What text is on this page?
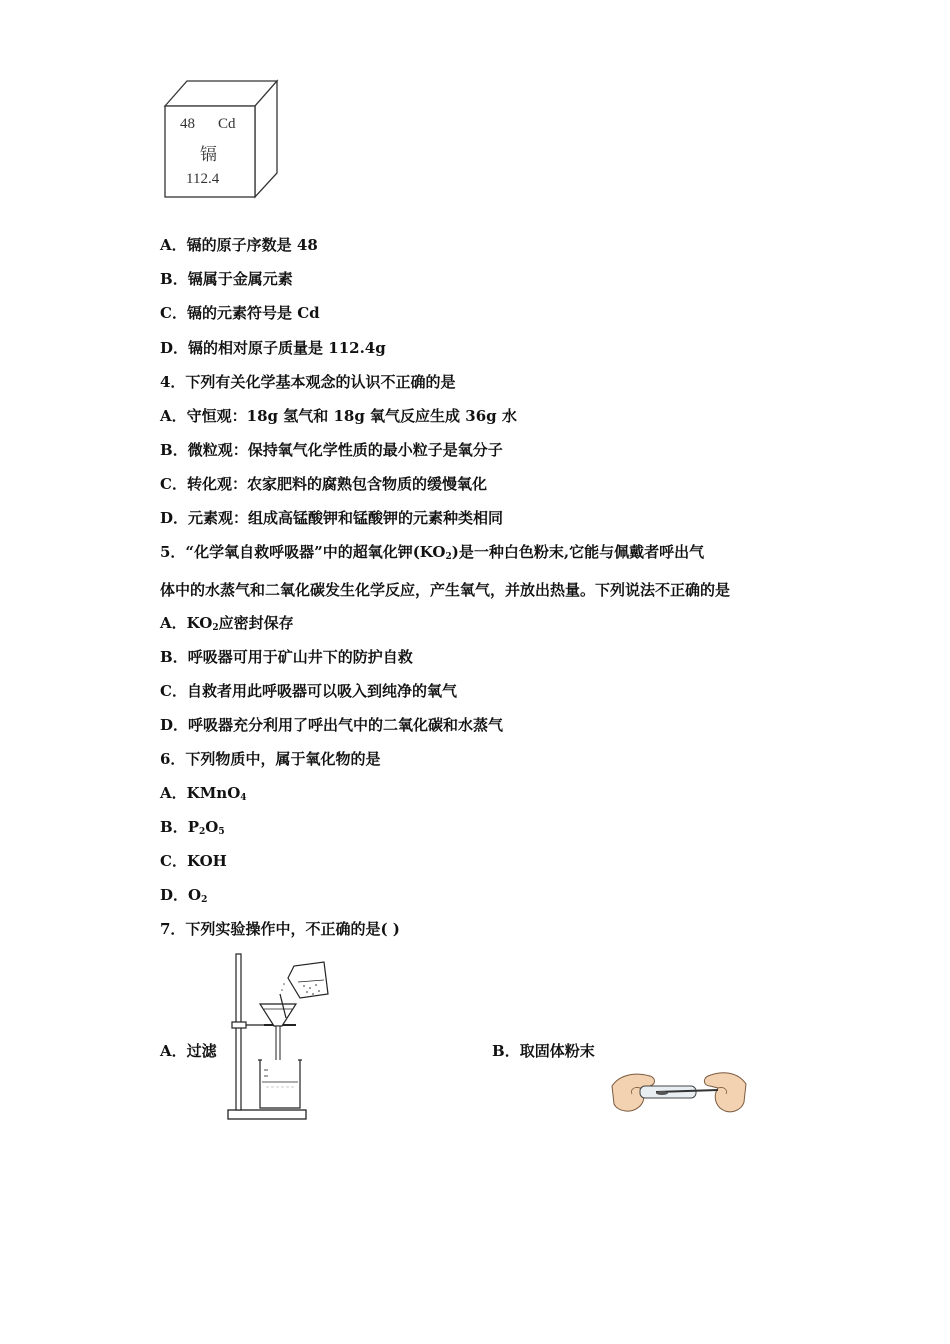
48 Cd
镉
112.4
A．镉的原子序数是 48
B．镉属于金属元素
C．镉的元素符号是 Cd
D．镉的相对原子质量是 112.4g
4．下列有关化学基本观念的认识不正确的是
A．守恒观：18g 氢气和 18g 氧气反应生成 36g 水
B．微粒观：保持氧气化学性质的最小粒子是氧分子
C．转化观：农家肥料的腐熟包含物质的缓慢氧化
D．元素观：组成高锰酸钾和锰酸钾的元素种类相同
5．“化学氧自救呼吸器”中的超氧化钾$(KO_2)$是一种白色粉末,它能与佩戴者呼出气
体中的水蒸气和二氧化碳发生化学反应，产生氧气，并放出热量。下列说法不正确的是
A．$KO_2$应密封保存
B．呼吸器可用于矿山井下的防护自救
C．自救者用此呼吸器可以吸入到纯净的氧气
D．呼吸器充分利用了呼出气中的二氧化碳和水蒸气
6．下列物质中，属于氧化物的是
A．KMnO$_4$
B．$P_2O_5$
C．KOH
D．$O_2$
7．下列实验操作中，不正确的是( )
A．过滤	B．取固体粉末
